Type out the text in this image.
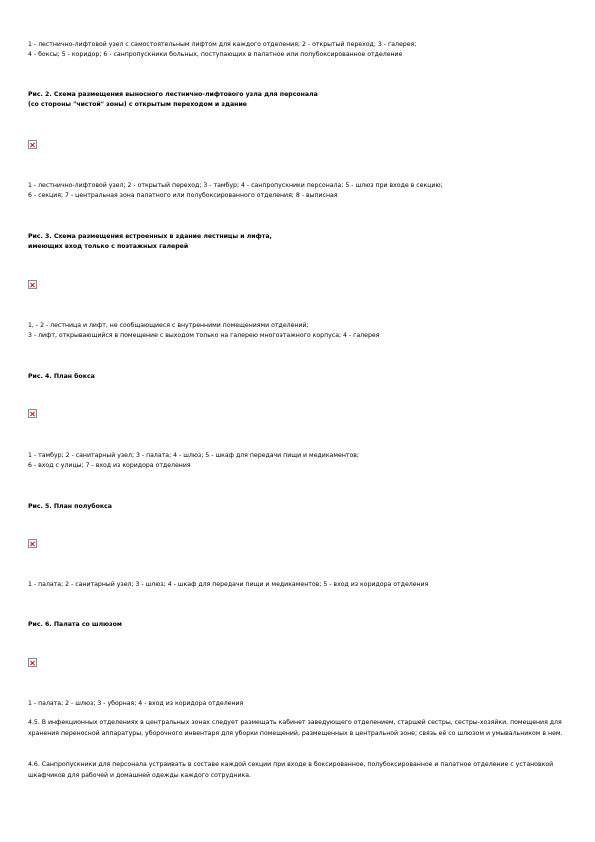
1 - лестнично-лифтовой узел с самостоятельным лифтом для каждого отделения; 2 - открытый переход; 3 - галерея;
4 - боксы; 5 - коридор; 6 - санпропускники больных, поступающих в палатное или полубоксированное отделение
Рис. 2. Схема размещения выносного лестнично-лифтового узла для персонала
(со стороны "чистой" зоны) с открытым переходом и здание
1 - лестнично-лифтовой узел; 2 - открытый переход; 3 - тамбур; 4 - санпропускники персонала; 5 - шлюз при входе в секцию;
6 - секция; 7 - центральная зона палатного или полубоксированного отделения; 8 - выписная
Рис. 3. Схема размещения встроенных в здание лестницы и лифта,
имеющих вход только с поэтажных галерей
1, - 2 - лестница и лифт, не сообщающиеся с внутренними помещениями отделений;
3 - лифт, открывающийся в помещение с выходом только на галерею многоэтажного корпуса; 4 - галерея
Рис. 4. План бокса
1 - тамбур; 2 - санитарный узел; 3 - палата; 4 - шлюз; 5 - шкаф для передачи пищи и медикаментов;
6 - вход с улицы; 7 - вход из коридора отделения
Рис. 5. План полубокса
1 - палата; 2 - санитарный узел; 3 - шлюз; 4 - шкаф для передачи пищи и медикаментов; 5 - вход из коридора отделения
Рис. 6. Палата со шлюзом
1 - палата; 2 - шлюз; 3 - уборная; 4 - вход из коридора отделения
4.5. В инфекционных отделениях в центральных зонах следует размещать кабинет заведующего отделением, старшей сестры, сестры-хозяйки, помещения для хранения переносной аппаратуры, уборочного инвентаря для уборки помещений, размещенных в центральной зоне; связь её со шлюзом и умывальником в нем.
4.6. Санпропускники для персонала устраивать в составе каждой секции при входе в боксированное, полубоксированное и палатное отделение с установкой шкафчиков для рабочей и домашней одежды каждого сотрудника.
